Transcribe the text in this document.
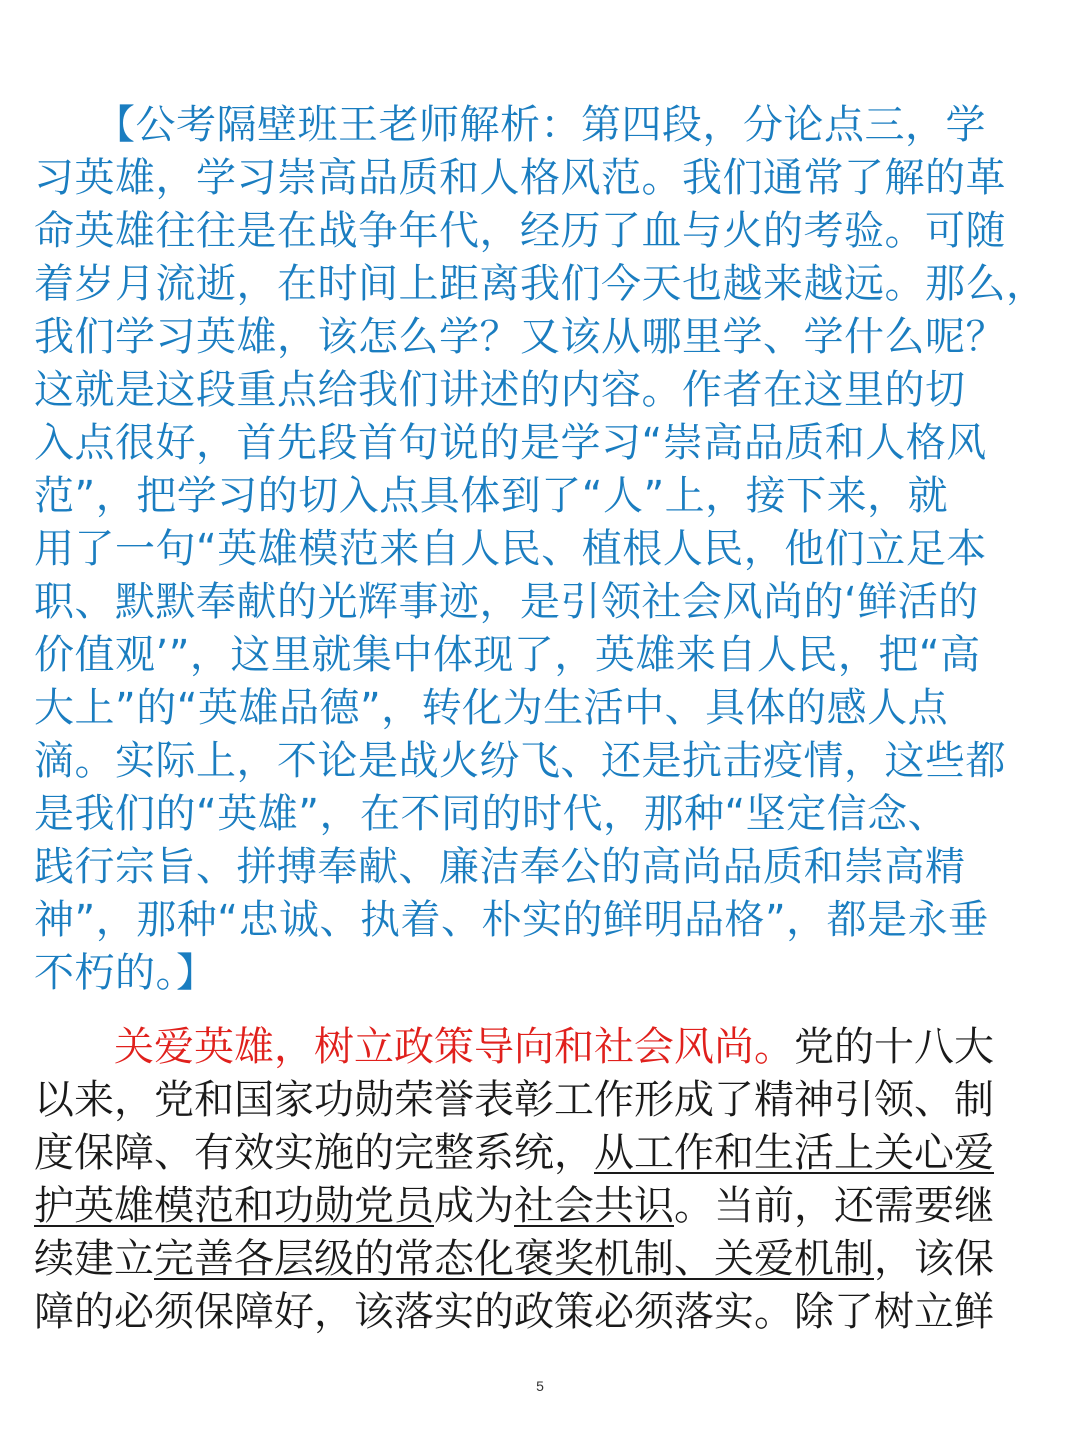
　　【公考隔壁班王老师解析：第四段，分论点三，学
习英雄，学习崇高品质和人格风范。我们通常了解的革
命英雄往往是在战争年代，经历了血与火的考验。可随
着岁月流逝，在时间上距离我们今天也越来越远。那么，
我们学习英雄，该怎么学？又该从哪里学、学什么呢？
这就是这段重点给我们讲述的内容。作者在这里的切
入点很好，首先段首句说的是学习“崇高品质和人格风
范”，把学习的切入点具体到了“人”上，接下来，就
用了一句“英雄模范来自人民、植根人民，他们立足本
职、默默奉献的光辉事迹，是引领社会风尚的‘鲜活的
价值观’”，这里就集中体现了，英雄来自人民，把“高
大上”的“英雄品德”，转化为生活中、具体的感人点
滴。实际上，不论是战火纷飞、还是抗击疫情，这些都
是我们的“英雄”，在不同的时代，那种“坚定信念、
践行宗旨、拼搏奉献、廉洁奉公的高尚品质和崇高精
神”，那种“忠诚、执着、朴实的鲜明品格”，都是永垂
不朽的。】
　　关爱英雄，树立政策导向和社会风尚。党的十八大
以来，党和国家功勋荣誉表彰工作形成了精神引领、制
度保障、有效实施的完整系统，从工作和生活上关心爱
护英雄模范和功勋党员成为社会共识。当前，还需要继
续建立完善各层级的常态化褒奖机制、关爱机制，该保
障的必须保障好，该落实的政策必须落实。除了树立鲜
5
